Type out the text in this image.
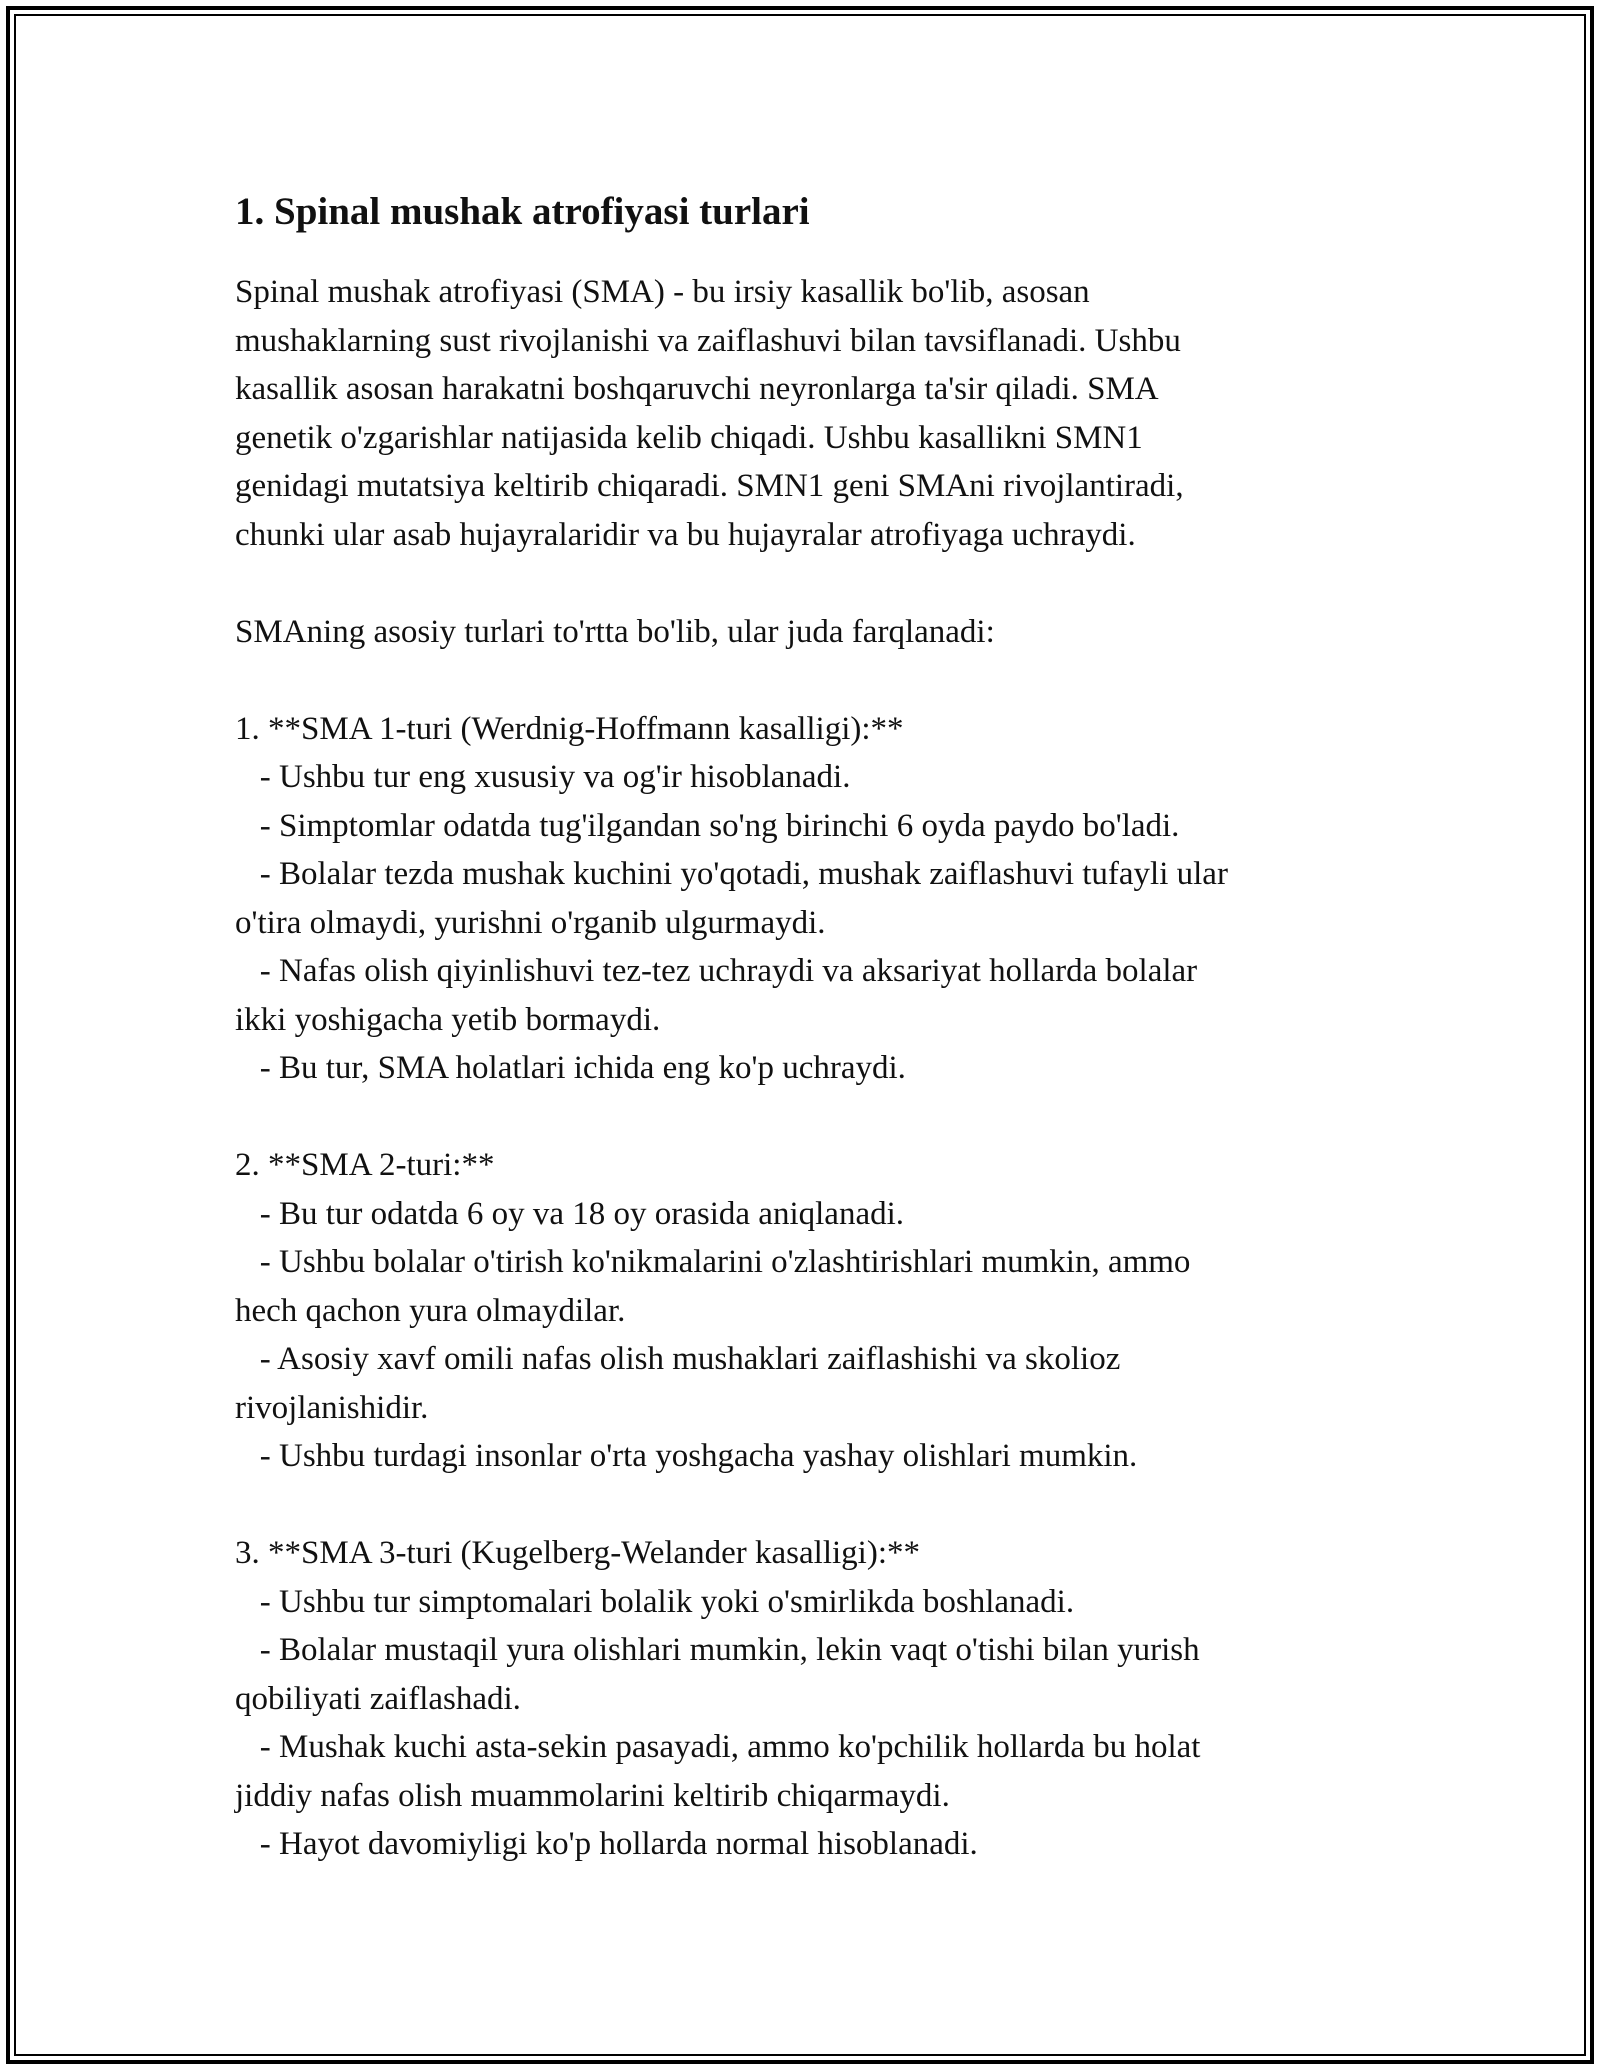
1. Spinal mushak atrofiyasi turlari

Spinal mushak atrofiyasi (SMA) - bu irsiy kasallik bo'lib, asosan
mushaklarning sust rivojlanishi va zaiflashuvi bilan tavsiflanadi. Ushbu
kasallik asosan harakatni boshqaruvchi neyronlarga ta'sir qiladi. SMA
genetik o'zgarishlar natijasida kelib chiqadi. Ushbu kasallikni SMN1
genidagi mutatsiya keltirib chiqaradi. SMN1 geni SMAni rivojlantiradi,
chunki ular asab hujayralaridir va bu hujayralar atrofiyaga uchraydi.

SMAning asosiy turlari to'rtta bo'lib, ular juda farqlanadi:

1. **SMA 1-turi (Werdnig-Hoffmann kasalligi):**
- Ushbu tur eng xususiy va og'ir hisoblanadi.
- Simptomlar odatda tug'ilgandan so'ng birinchi 6 oyda paydo bo'ladi.
- Bolalar tezda mushak kuchini yo'qotadi, mushak zaiflashuvi tufayli ular
o'tira olmaydi, yurishni o'rganib ulgurmaydi.
- Nafas olish qiyinlishuvi tez-tez uchraydi va aksariyat hollarda bolalar
ikki yoshigacha yetib bormaydi.
- Bu tur, SMA holatlari ichida eng ko'p uchraydi.

2. **SMA 2-turi:**
- Bu tur odatda 6 oy va 18 oy orasida aniqlanadi.
- Ushbu bolalar o'tirish ko'nikmalarini o'zlashtirishlari mumkin, ammo
hech qachon yura olmaydilar.
- Asosiy xavf omili nafas olish mushaklari zaiflashishi va skolioz
rivojlanishidir.
- Ushbu turdagi insonlar o'rta yoshgacha yashay olishlari mumkin.

3. **SMA 3-turi (Kugelberg-Welander kasalligi):**
- Ushbu tur simptomalari bolalik yoki o'smirlikda boshlanadi.
- Bolalar mustaqil yura olishlari mumkin, lekin vaqt o'tishi bilan yurish
qobiliyati zaiflashadi.
- Mushak kuchi asta-sekin pasayadi, ammo ko'pchilik hollarda bu holat
jiddiy nafas olish muammolarini keltirib chiqarmaydi.
- Hayot davomiyligi ko'p hollarda normal hisoblanadi.
